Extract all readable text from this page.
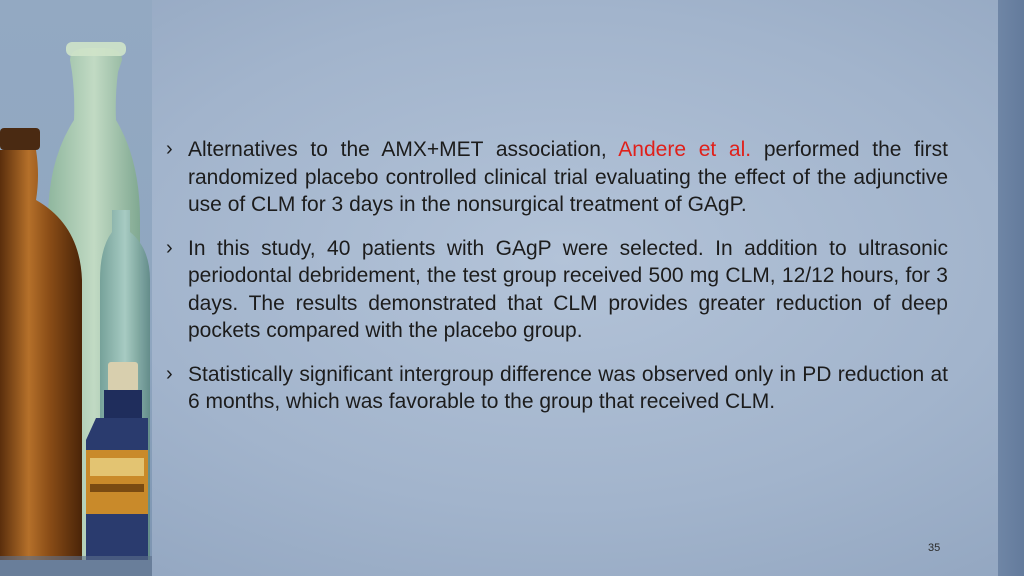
› Alternatives to the AMX+MET association, Andere et al. performed the first randomized placebo controlled clinical trial evaluating the effect of the adjunctive use of CLM for 3 days in the nonsurgical treatment of GAgP.

› In this study, 40 patients with GAgP were selected. In addition to ultrasonic periodontal debridement, the test group received 500 mg CLM, 12/12 hours, for 3 days. The results demonstrated that CLM provides greater reduction of deep pockets compared with the placebo group.

› Statistically significant intergroup difference was observed only in PD reduction at 6 months, which was favorable to the group that received CLM.

35
